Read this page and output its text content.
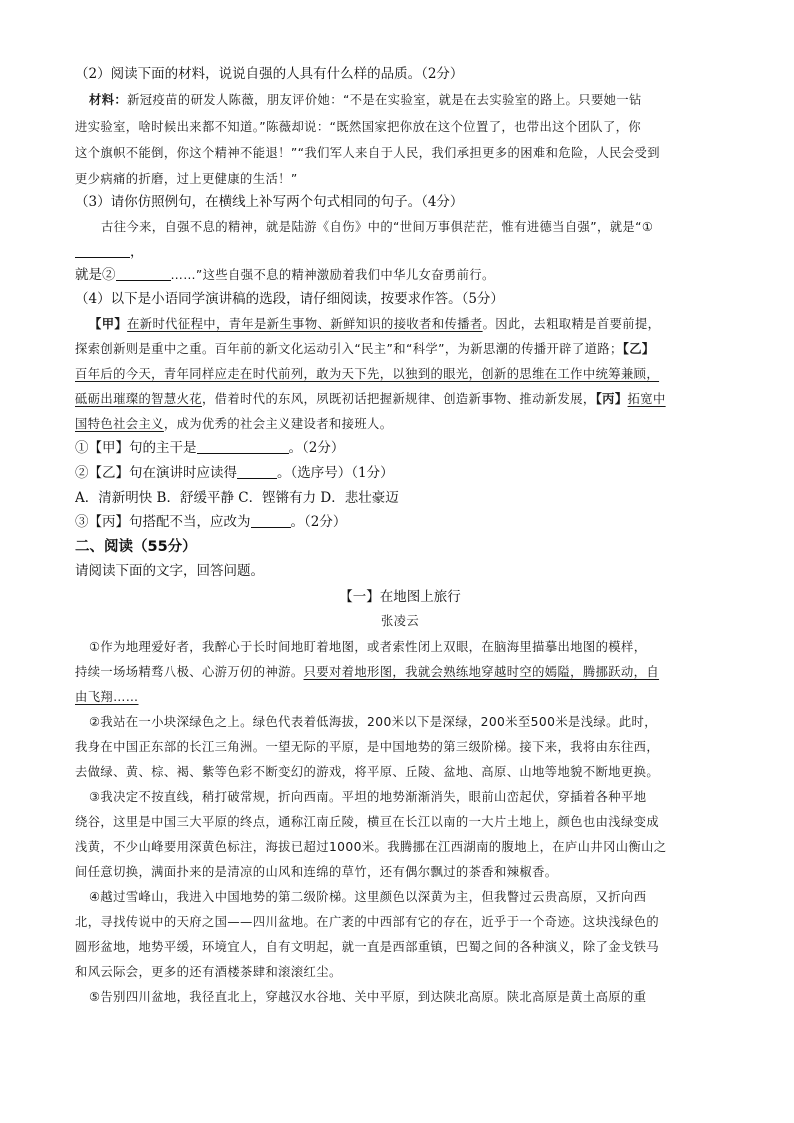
（2）阅读下面的材料，说说自强的人具有什么样的品质。（2分）

材料：新冠疫苗的研发人陈薇，朋友评价她：“不是在实验室，就是在去实验室的路上。只要她一钻

进实验室，啥时候出来都不知道。”陈薇却说：“既然国家把你放在这个位置了，也带出这个团队了，你

这个旗帜不能倒，你这个精神不能退！”“我们军人来自于人民，我们承担更多的困难和危险，人民会受到

更少病痛的折磨，过上更健康的生活！”

（3）请你仿照例句，在横线上补写两个句式相同的句子。（4分）

古往今来，自强不息的精神，就是陆游《自伤》中的“世间万事俱茫茫，惟有进德当自强”，就是“①

，

就是②	……”这些自强不息的精神激励着我们中华儿女奋勇前行。

（4）以下是小语同学演讲稿的选段，请仔细阅读，按要求作答。（5分）

【甲】在新时代征程中，青年是新生事物、新鲜知识的接收者和传播者。因此，去粗取精是首要前提，

探索创新则是重中之重。百年前的新文化运动引入“民主”和“科学”，为新思潮的传播开辟了道路；【乙】

百年后的今天，青年同样应走在时代前列，敢为天下先，以独到的眼光，创新的思维在工作中统筹兼顾，

砥砺出璀璨的智慧火花，借着时代的东风，夙既初话把握新规律、创造新事物、推动新发展，【丙】拓宽中

国特色社会主义，成为优秀的社会主义建设者和接班人。

①【甲】句的主干是	。（2分）

②【乙】句在演讲时应读得	。（选序号）（1分）

A．清新明快 B．舒缓平静 C．铿锵有力 D．悲壮豪迈

③【丙】句搭配不当，应改为	。（2分）

二、阅读（55分）

请阅读下面的文字，回答问题。

【一】在地图上旅行

张凌云

①作为地理爱好者，我醉心于长时间地盯着地图，或者索性闭上双眼，在脑海里描摹出地图的模样，

持续一场场精骛八极、心游万仞的神游。只要对着地形图，我就会熟练地穿越时空的嫣隘，腾挪跃动，自

由飞翔……

②我站在一小块深绿色之上。绿色代表着低海拔，200米以下是深绿，200米至500米是浅绿。此时，

我身在中国正东部的长江三角洲。一望无际的平原，是中国地势的第三级阶梯。接下来，我将由东往西，

去做绿、黄、棕、褐、紫等色彩不断变幻的游戏，将平原、丘陵、盆地、高原、山地等地貌不断地更换。

③我决定不按直线，稍打破常规，折向西南。平坦的地势渐渐消失，眼前山峦起伏，穿插着各种平地

绕谷，这里是中国三大平原的终点，通称江南丘陵，横亘在长江以南的一大片土地上，颜色也由浅绿变成

浅黄，不少山峰要用深黄色标注，海拔已超过1000米。我腾挪在江西湖南的腹地上，在庐山井冈山衡山之

间任意切换，满面扑来的是清凉的山风和连绵的草竹，还有偶尔飘过的茶香和辣椒香。

④越过雪峰山，我进入中国地势的第二级阶梯。这里颜色以深黄为主，但我瞥过云贵高原，又折向西

北，寻找传说中的天府之国——四川盆地。在广袤的中西部有它的存在，近乎于一个奇迹。这块浅绿色的

圆形盆地，地势平缓，环境宜人，自有文明起，就一直是西部重镇，巴蜀之间的各种演义，除了金戈铁马

和风云际会，更多的还有酒楼茶肆和滚滚红尘。

⑤告别四川盆地，我径直北上，穿越汉水谷地、关中平原，到达陕北高原。陕北高原是黄土高原的重
